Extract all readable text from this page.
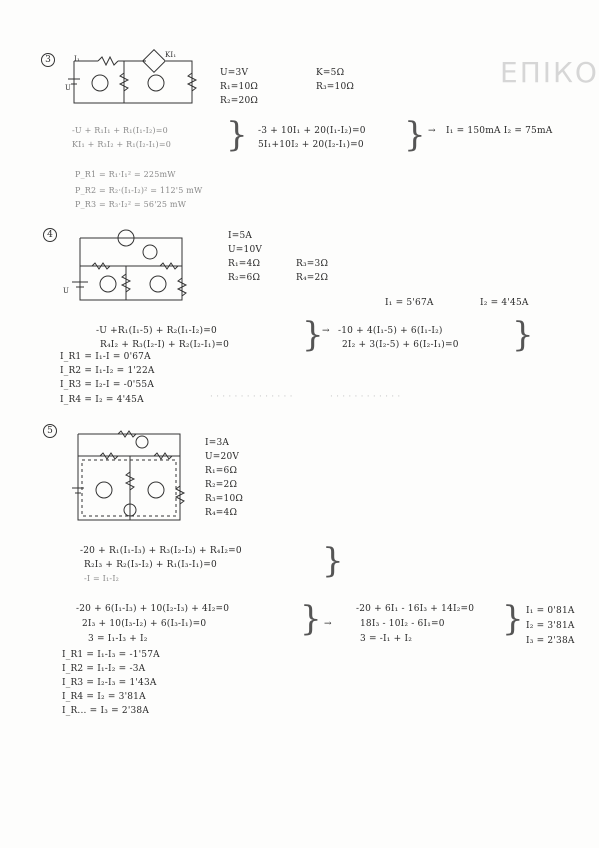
ЕПІКО
3	I₁	KI₁
U
U=3V	K=5Ω
R₁=10Ω	R₃=10Ω
R₂=20Ω
-U + R₁I₁ + R₁(I₁-I₂)=0
KI₁ + R₃I₂ + R₁(I₂-I₁)=0 } -3 + 10I₁ + 20(I₁-I₂)=0
5I₁+10I₂ + 20(I₂-I₁)=0 } → I₁ = 150mA I₂ = 75mA
P_R1 = R₁·I₁² = 225mW
P_R2 = R₂·(I₁-I₂)² = 112'5 mW
P_R3 = R₃·I₂² = 56'25 mW
4
U
I=5A
U=10V
R₁=4Ω	R₃=3Ω
R₂=6Ω	R₄=2Ω
I₁ = 5'67A	I₂ = 4'45A
-U +R₁(I₁-5) + R₂(I₁-I₂)=0
R₄I₂ + R₃(I₂-I) + R₂(I₂-I₁)=0 }
→ -10 + 4(I₁-5) + 6(I₁-I₂)
2I₂ + 3(I₂-5) + 6(I₂-I₁)=0 }
I_R1 = I₁-I = 0'67A
I_R2 = I₁-I₂ = 1'22A
I_R3 = I₂-I = -0'55A
I_R4 = I₂ = 4'45A	· · · · · · · · · · · · · ·	· · · · · · · · · · · ·
5
I=3A
U=20V
R₁=6Ω
R₂=2Ω
R₃=10Ω
R₄=4Ω
-20 + R₁(I₁-I₃) + R₃(I₂-I₃) + R₄I₂=0
R₂I₃ + R₂(I₃-I₂) + R₁(I₃-I₁)=0
-I = I₁-I₂	}
-20 + 6(I₁-I₃) + 10(I₂-I₃) + 4I₂=0
2I₃ + 10(I₃-I₂) + 6(I₃-I₁)=0
3 = I₁-I₃ + I₂	} →
-20 + 6I₁ - 16I₃ + 14I₂=0
18I₃ - 10I₂ - 6I₁=0
3 = -I₁ + I₂	} I₁ = 0'81A
I₂ = 3'81A
I₃ = 2'38A
I_R1 = I₁-I₃ = -1'57A
I_R2 = I₁-I₂ = -3A
I_R3 = I₂-I₃ = 1'43A
I_R4 = I₂ = 3'81A
I_R... = I₃ = 2'38A
